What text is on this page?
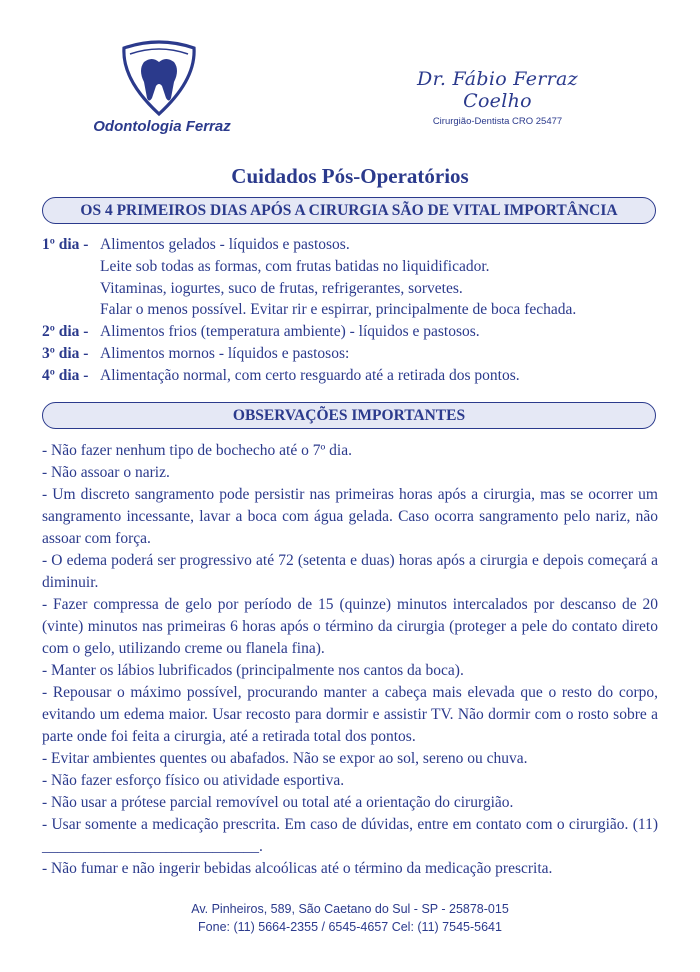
Odontologia Ferraz
Dr. Fábio Ferraz Coelho
Cirurgião-Dentista CRO 25477
Cuidados Pós-Operatórios
OS 4 PRIMEIROS DIAS APÓS A CIRURGIA SÃO DE VITAL IMPORTÂNCIA
1º dia - Alimentos gelados - líquidos e pastosos.
Leite sob todas as formas, com frutas batidas no liquidificador.
Vitaminas, iogurtes, suco de frutas, refrigerantes, sorvetes.
Falar o menos possível. Evitar rir e espirrar, principalmente de boca fechada.
2º dia - Alimentos frios (temperatura ambiente) - líquidos e pastosos.
3º dia - Alimentos mornos - líquidos e pastosos:
4º dia - Alimentação normal, com certo resguardo até a retirada dos pontos.
OBSERVAÇÕES IMPORTANTES

- Não fazer nenhum tipo de bochecho até o 7º dia.

- Não assoar o nariz.

- Um discreto sangramento pode persistir nas primeiras horas após a cirurgia, mas se ocorrer um sangramento incessante, lavar a boca com água gelada. Caso ocorra sangramento pelo nariz, não assoar com força.

- O edema poderá ser progressivo até 72 (setenta e duas) horas após a cirurgia e depois começará a diminuir.

- Fazer compressa de gelo por período de 15 (quinze) minutos intercalados por descanso de 20 (vinte) minutos nas primeiras 6 horas após o término da cirurgia (proteger a pele do contato direto com o gelo, utilizando creme ou flanela fina).

- Manter os lábios lubrificados (principalmente nos cantos da boca).

- Repousar o máximo possível, procurando manter a cabeça mais elevada que o resto do corpo, evitando um edema maior. Usar recosto para dormir e assistir TV. Não dormir com o rosto sobre a parte onde foi feita a cirurgia, até a retirada total dos pontos.

- Evitar ambientes quentes ou abafados. Não se expor ao sol, sereno ou chuva.

- Não fazer esforço físico ou atividade esportiva.

- Não usar a prótese parcial removível ou total até a orientação do cirurgião.

- Usar somente a medicação prescrita. Em caso de dúvidas, entre em contato com o cirurgião. (11) ____________________________.

- Não fumar e não ingerir bebidas alcoólicas até o término da medicação prescrita.

Av. Pinheiros, 589, São Caetano do Sul - SP - 25878-015
Fone: (11) 5664-2355 / 6545-4657 Cel: (11) 7545-5641
